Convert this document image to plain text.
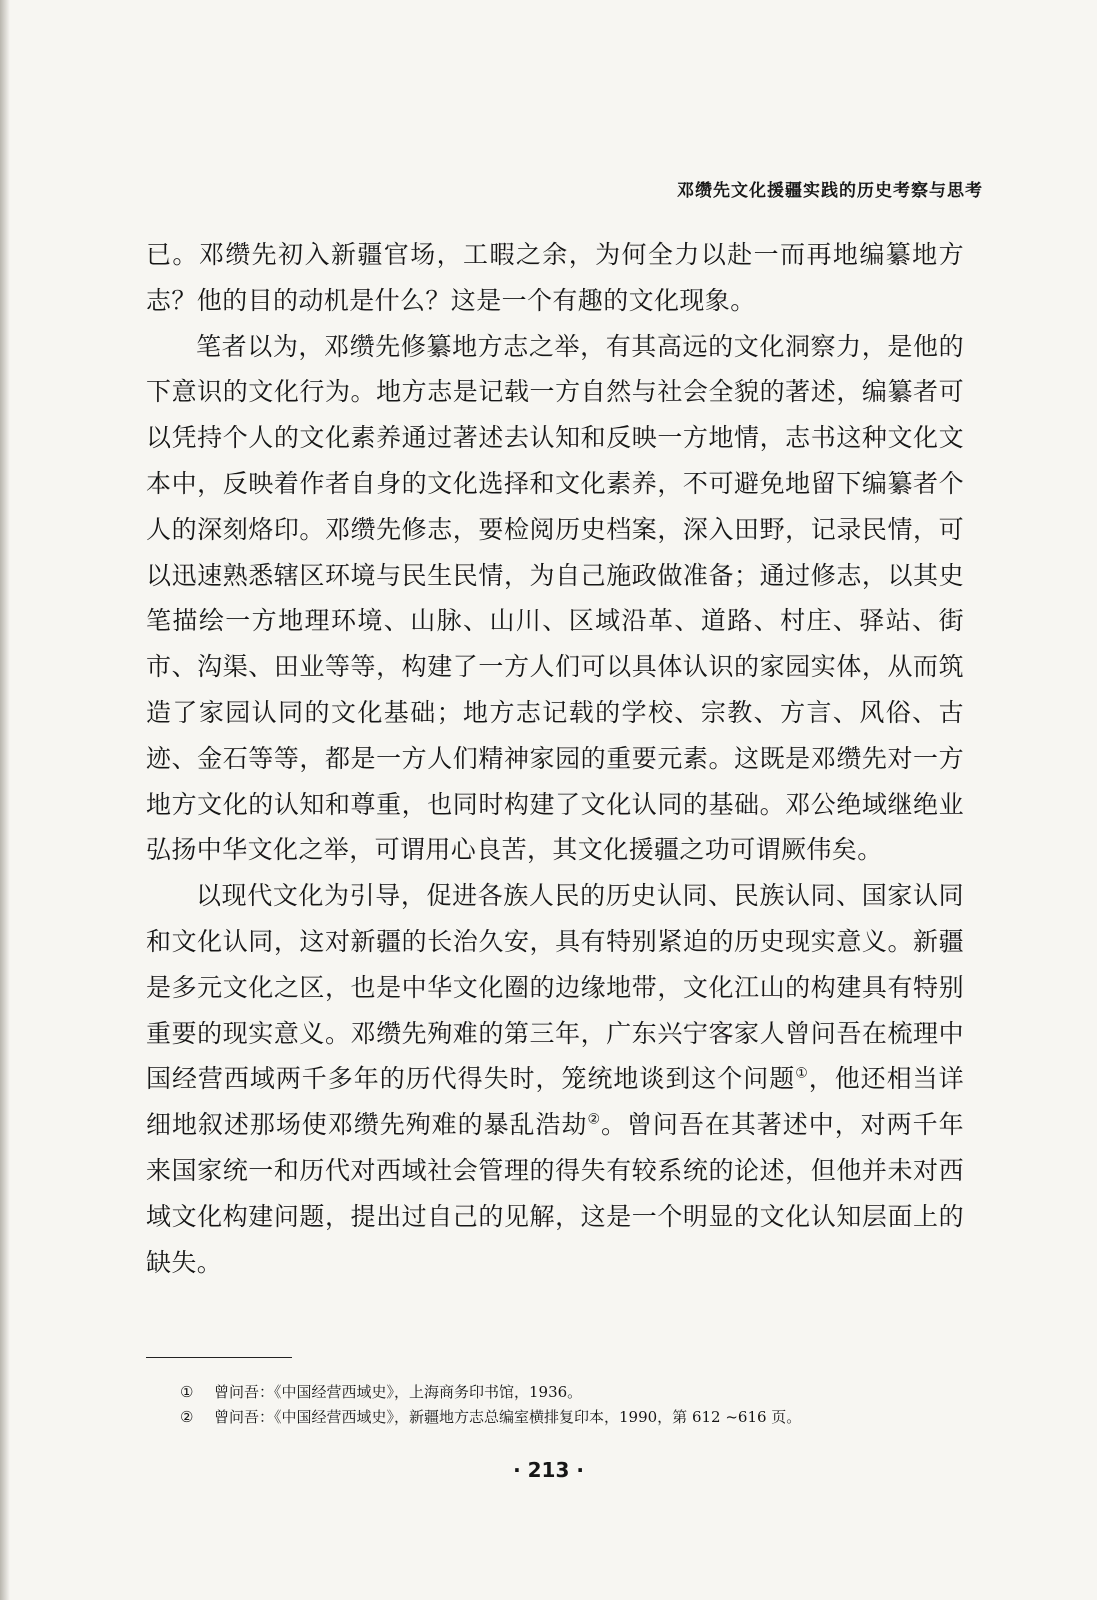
邓缵先文化援疆实践的历史考察与思考

已。邓缵先初入新疆官场，工暇之余，为何全力以赴一而再地编纂地方志？他的目的动机是什么？这是一个有趣的文化现象。

笔者以为，邓缵先修纂地方志之举，有其高远的文化洞察力，是他的下意识的文化行为。地方志是记载一方自然与社会全貌的著述，编纂者可以凭持个人的文化素养通过著述去认知和反映一方地情，志书这种文化文本中，反映着作者自身的文化选择和文化素养，不可避免地留下编纂者个人的深刻烙印。邓缵先修志，要检阅历史档案，深入田野，记录民情，可以迅速熟悉辖区环境与民生民情，为自己施政做准备；通过修志，以其史笔描绘一方地理环境、山脉、山川、区域沿革、道路、村庄、驿站、街市、沟渠、田业等等，构建了一方人们可以具体认识的家园实体，从而筑造了家园认同的文化基础；地方志记载的学校、宗教、方言、风俗、古迹、金石等等，都是一方人们精神家园的重要元素。这既是邓缵先对一方地方文化的认知和尊重，也同时构建了文化认同的基础。邓公绝域继绝业弘扬中华文化之举，可谓用心良苦，其文化援疆之功可谓厥伟矣。

以现代文化为引导，促进各族人民的历史认同、民族认同、国家认同和文化认同，这对新疆的长治久安，具有特别紧迫的历史现实意义。新疆是多元文化之区，也是中华文化圈的边缘地带，文化江山的构建具有特别重要的现实意义。邓缵先殉难的第三年，广东兴宁客家人曾问吾在梳理中国经营西域两千多年的历代得失时，笼统地谈到这个问题①，他还相当详细地叙述那场使邓缵先殉难的暴乱浩劫②。曾问吾在其著述中，对两千年来国家统一和历代对西域社会管理的得失有较系统的论述，但他并未对西域文化构建问题，提出过自己的见解，这是一个明显的文化认知层面上的缺失。

①	曾问吾：《中国经营西域史》，上海商务印书馆，1936。
②	曾问吾：《中国经营西域史》，新疆地方志总编室横排复印本，1990，第 612 ~616 页。
· 213 ·
